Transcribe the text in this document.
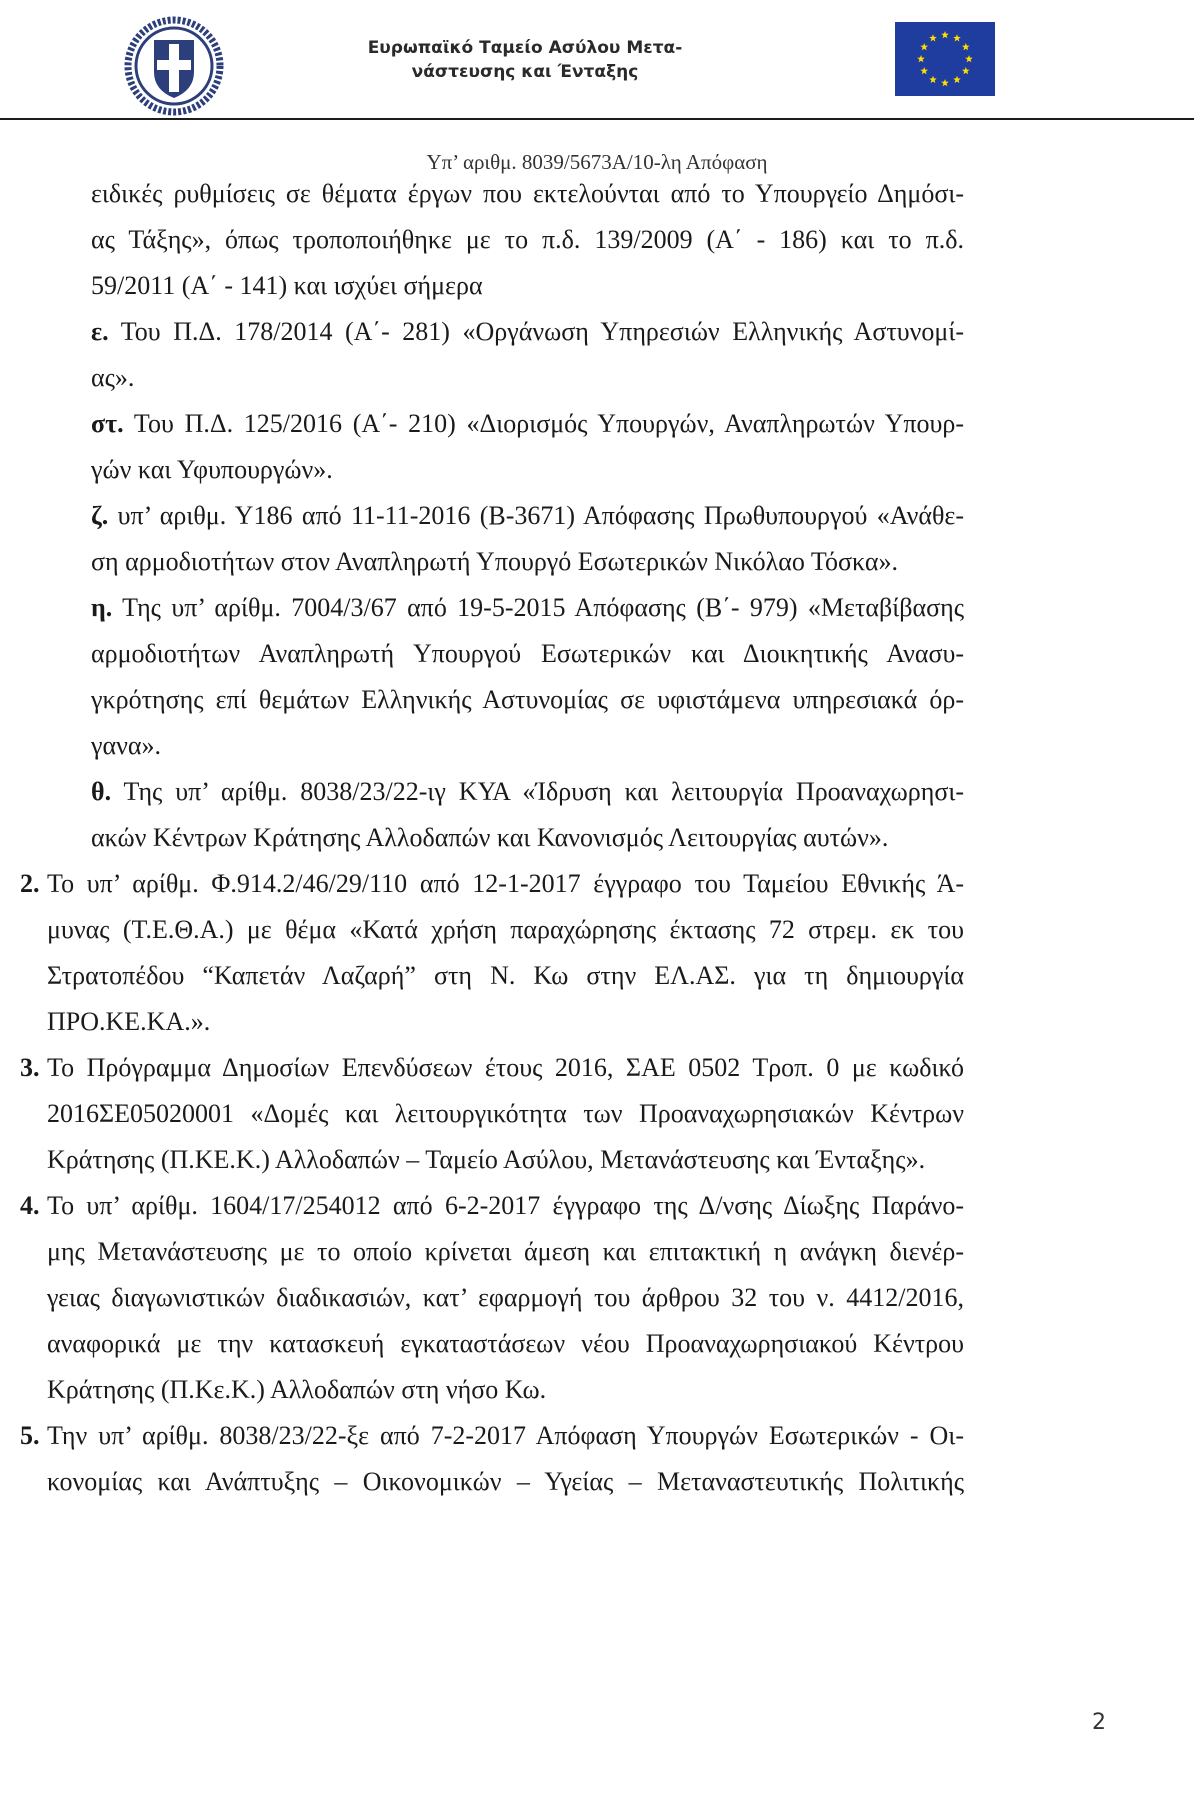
Ευρωπαϊκό Ταμείο Ασύλου Μετα-
νάστευσης και Ένταξης
Υπ’ αριθμ. 8039/5673Α/10-λη Απόφαση
ειδικές ρυθμίσεις σε θέματα έργων που εκτελούνται από το Υπουργείο Δημόσι-
ας Τάξης», όπως τροποποιήθηκε με το π.δ. 139/2009 (Α΄ - 186) και το π.δ.
59/2011 (Α΄ - 141) και ισχύει σήμερα
ε. Του Π.Δ. 178/2014 (Α΄- 281) «Οργάνωση Υπηρεσιών Ελληνικής Αστυνομί-
ας».
στ. Του Π.Δ. 125/2016 (Α΄- 210) «Διορισμός Υπουργών, Αναπληρωτών Υπουρ-
γών και Υφυπουργών».
ζ. υπ’ αριθμ. Υ186 από 11-11-2016 (Β-3671) Απόφασης Πρωθυπουργού «Ανάθε-
ση αρμοδιοτήτων στον Αναπληρωτή Υπουργό Εσωτερικών Νικόλαο Τόσκα».
η. Της υπ’ αρίθμ. 7004/3/67 από 19-5-2015 Απόφασης (Β΄- 979) «Μεταβίβασης
αρμοδιοτήτων Αναπληρωτή Υπουργού Εσωτερικών και Διοικητικής Ανασυ-
γκρότησης επί θεμάτων Ελληνικής Αστυνομίας σε υφιστάμενα υπηρεσιακά όρ-
γανα».
θ. Της υπ’ αρίθμ. 8038/23/22-ιγ ΚΥΑ «Ίδρυση και λειτουργία Προαναχωρησι-
ακών Κέντρων Κράτησης Αλλοδαπών και Κανονισμός Λειτουργίας αυτών».
2. Το υπ’ αρίθμ. Φ.914.2/46/29/110 από 12-1-2017 έγγραφο του Ταμείου Εθνικής Ά-
μυνας (Τ.Ε.Θ.Α.) με θέμα «Κατά χρήση παραχώρησης έκτασης 72 στρεμ. εκ του
Στρατοπέδου “Καπετάν Λαζαρή” στη Ν. Κω στην ΕΛ.ΑΣ. για τη δημιουργία
ΠΡΟ.ΚΕ.ΚΑ.».
3. Το Πρόγραμμα Δημοσίων Επενδύσεων έτους 2016, ΣΑΕ 0502 Τροπ. 0 με κωδικό
2016ΣΕ05020001 «Δομές και λειτουργικότητα των Προαναχωρησιακών Κέντρων
Κράτησης (Π.ΚΕ.Κ.) Αλλοδαπών – Ταμείο Ασύλου, Μετανάστευσης και Ένταξης».
4. Το υπ’ αρίθμ. 1604/17/254012 από 6-2-2017 έγγραφο της Δ/νσης Δίωξης Παράνο-
μης Μετανάστευσης με το οποίο κρίνεται άμεση και επιτακτική η ανάγκη διενέρ-
γειας διαγωνιστικών διαδικασιών, κατ’ εφαρμογή του άρθρου 32 του ν. 4412/2016,
αναφορικά με την κατασκευή εγκαταστάσεων νέου Προαναχωρησιακού Κέντρου
Κράτησης (Π.Κε.Κ.) Αλλοδαπών στη νήσο Κω.
5. Την υπ’ αρίθμ. 8038/23/22-ξε από 7-2-2017 Απόφαση Υπουργών Εσωτερικών - Οι-
κονομίας και Ανάπτυξης – Οικονομικών – Υγείας – Μεταναστευτικής Πολιτικής
2
